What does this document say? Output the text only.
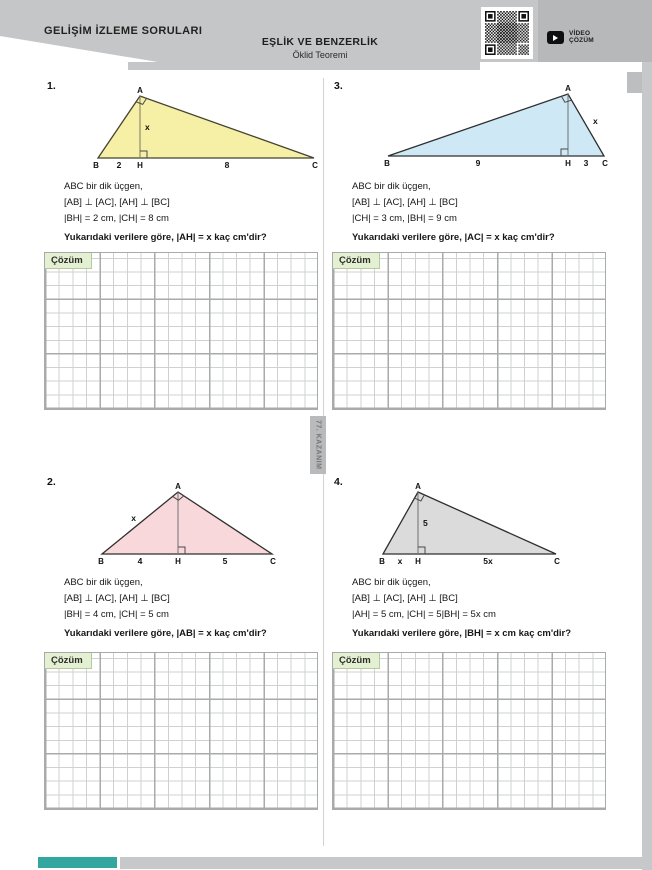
GELİŞİM İZLEME SORULARI
EŞLİK VE BENZERLİK
Öklid Teoremi
VİDEO
ÇÖZÜM
77. KAZANIM
1.	A
B	H	C
2	8
x
ABC bir dik üçgen,
[AB] ⊥ [AC], [AH] ⊥ [BC]
|BH| = 2 cm, |CH| = 8 cm
Yukarıdaki verilere göre, |AH| = x kaç cm'dir?
Çözüm
3.	A
B	H	C
9	3
x
ABC bir dik üçgen,
[AB] ⊥ [AC], [AH] ⊥ [BC]
|CH| = 3 cm, |BH| = 9 cm
Yukarıdaki verilere göre, |AC| = x kaç cm'dir?
Çözüm
2.	A
B	H	C
4	5
x
ABC bir dik üçgen,
[AB] ⊥ [AC], [AH] ⊥ [BC]
|BH| = 4 cm, |CH| = 5 cm
Yukarıdaki verilere göre, |AB| = x kaç cm'dir?
Çözüm
4.	A
B	H	C
x	5x
5
ABC bir dik üçgen,
[AB] ⊥ [AC], [AH] ⊥ [BC]
|AH| = 5 cm, |CH| = 5|BH| = 5x cm
Yukarıdaki verilere göre, |BH| = x cm kaç cm'dir?
Çözüm
